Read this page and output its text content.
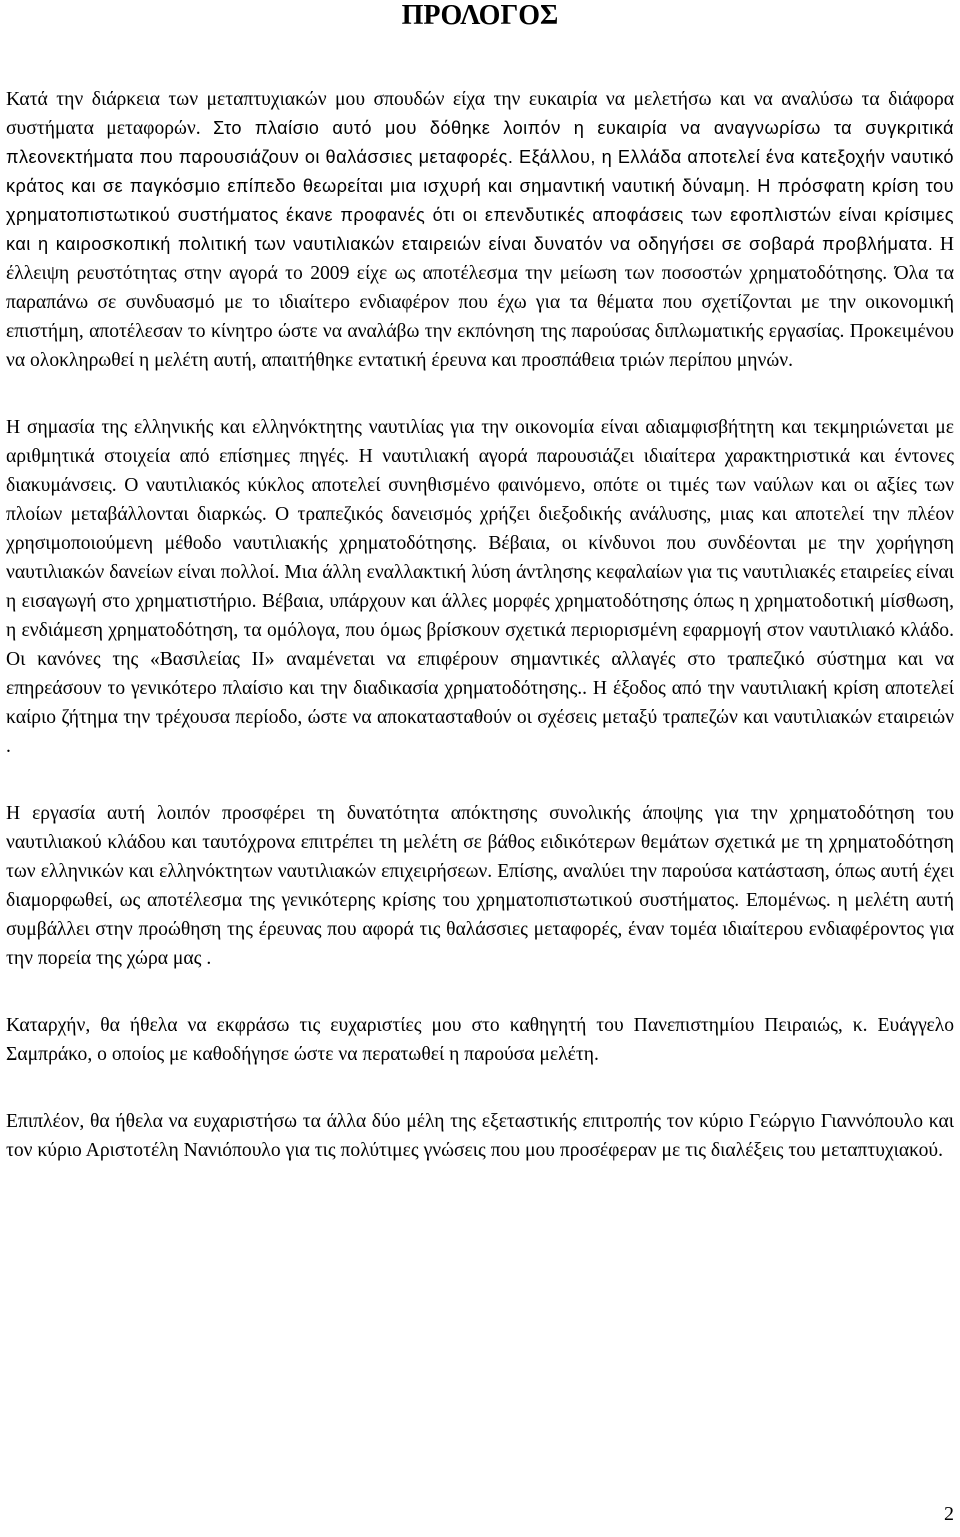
ΠΡΟΛΟΓΟΣ

Κατά την διάρκεια των μεταπτυχιακών μου σπουδών είχα την ευκαιρία να μελετήσω και να αναλύσω τα διάφορα συστήματα μεταφορών. Στο πλαίσιο αυτό μου δόθηκε λοιπόν η ευκαιρία να αναγνωρίσω τα συγκριτικά πλεονεκτήματα που παρουσιάζουν οι θαλάσσιες μεταφορές. Εξάλλου, η Ελλάδα αποτελεί ένα κατεξοχήν ναυτικό κράτος και σε παγκόσμιο επίπεδο θεωρείται μια ισχυρή και σημαντική ναυτική δύναμη. Η πρόσφατη κρίση του χρηματοπιστωτικού συστήματος έκανε προφανές ότι οι επενδυτικές αποφάσεις των εφοπλιστών είναι κρίσιμες και η καιροσκοπική πολιτική των ναυτιλιακών εταιρειών είναι δυνατόν να οδηγήσει σε σοβαρά προβλήματα. Η έλλειψη ρευστότητας στην αγορά το 2009 είχε ως αποτέλεσμα την μείωση των ποσοστών χρηματοδότησης. Όλα τα παραπάνω σε συνδυασμό με το ιδιαίτερο ενδιαφέρον που έχω για τα θέματα που σχετίζονται με την οικονομική επιστήμη, αποτέλεσαν το κίνητρο ώστε να αναλάβω την εκπόνηση της παρούσας διπλωματικής εργασίας. Προκειμένου να ολοκληρωθεί η μελέτη αυτή, απαιτήθηκε εντατική έρευνα και προσπάθεια τριών περίπου μηνών.

Η σημασία της ελληνικής και ελληνόκτητης ναυτιλίας για την οικονομία είναι αδιαμφισβήτητη και τεκμηριώνεται με αριθμητικά στοιχεία από επίσημες πηγές. Η ναυτιλιακή αγορά παρουσιάζει ιδιαίτερα χαρακτηριστικά και έντονες διακυμάνσεις. Ο ναυτιλιακός κύκλος αποτελεί συνηθισμένο φαινόμενο, οπότε οι τιμές των ναύλων και οι αξίες των πλοίων μεταβάλλονται διαρκώς. Ο τραπεζικός δανεισμός χρήζει διεξοδικής ανάλυσης, μιας και αποτελεί την πλέον χρησιμοποιούμενη μέθοδο ναυτιλιακής χρηματοδότησης. Βέβαια, οι κίνδυνοι που συνδέονται με την χορήγηση ναυτιλιακών δανείων είναι πολλοί. Μια άλλη εναλλακτική λύση άντλησης κεφαλαίων για τις ναυτιλιακές εταιρείες είναι η εισαγωγή στο χρηματιστήριο. Βέβαια, υπάρχουν και άλλες μορφές χρηματοδότησης όπως η χρηματοδοτική μίσθωση, η ενδιάμεση χρηματοδότηση, τα ομόλογα, που όμως βρίσκουν σχετικά περιορισμένη εφαρμογή στον ναυτιλιακό κλάδο. Οι κανόνες της «Βασιλείας ΙΙ» αναμένεται να επιφέρουν σημαντικές αλλαγές στο τραπεζικό σύστημα και να επηρεάσουν το γενικότερο πλαίσιο και την διαδικασία χρηματοδότησης.. Η έξοδος από την ναυτιλιακή κρίση αποτελεί καίριο ζήτημα την τρέχουσα περίοδο, ώστε να αποκατασταθούν οι σχέσεις μεταξύ τραπεζών και ναυτιλιακών εταιρειών .

Η εργασία αυτή λοιπόν προσφέρει τη δυνατότητα απόκτησης συνολικής άποψης για την χρηματοδότηση του ναυτιλιακού κλάδου και ταυτόχρονα επιτρέπει τη μελέτη σε βάθος ειδικότερων θεμάτων σχετικά με τη χρηματοδότηση των ελληνικών και ελληνόκτητων ναυτιλιακών επιχειρήσεων. Επίσης, αναλύει την παρούσα κατάσταση, όπως αυτή έχει διαμορφωθεί, ως αποτέλεσμα της γενικότερης κρίσης του χρηματοπιστωτικού συστήματος. Επομένως. η μελέτη αυτή συμβάλλει στην προώθηση της έρευνας που αφορά τις θαλάσσιες μεταφορές, έναν τομέα ιδιαίτερου ενδιαφέροντος για την πορεία της χώρα μας .

Καταρχήν, θα ήθελα να εκφράσω τις ευχαριστίες μου στο καθηγητή του Πανεπιστημίου Πειραιώς, κ. Ευάγγελο Σαμπράκο, ο οποίος με καθοδήγησε ώστε να περατωθεί η παρούσα μελέτη.

Επιπλέον, θα ήθελα να ευχαριστήσω τα άλλα δύο μέλη της εξεταστικής επιτροπής τον κύριο Γεώργιο Γιαννόπουλο και τον κύριο Αριστοτέλη Νανιόπουλο για τις πολύτιμες γνώσεις που μου προσέφεραν με τις διαλέξεις του μεταπτυχιακού.

2
